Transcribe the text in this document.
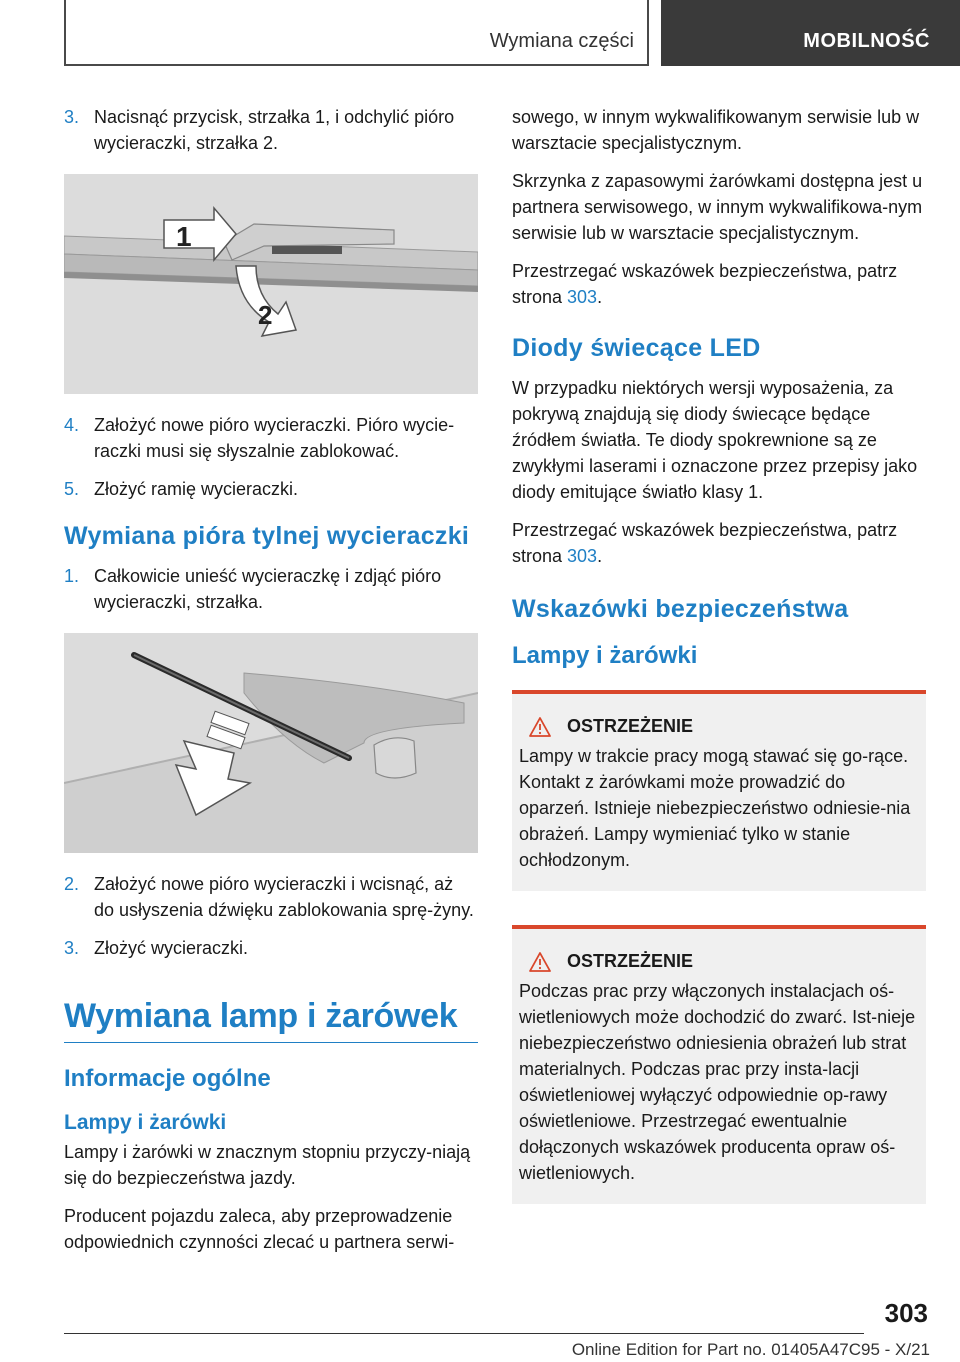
Wymiana części	MOBILNOŚĆ
3. Nacisnąć przycisk, strzałka 1, i odchylić pióro wycieraczki, strzałka 2.
1
2
4. Założyć nowe pióro wycieraczki. Pióro wycie-raczki musi się słyszalnie zablokować.
5. Złożyć ramię wycieraczki.
Wymiana pióra tylnej wycieraczki
1. Całkowicie unieść wycieraczkę i zdjąć pióro wycieraczki, strzałka.
2. Założyć nowe pióro wycieraczki i wcisnąć, aż do usłyszenia dźwięku zablokowania sprę-żyny.
3. Złożyć wycieraczki.
Wymiana lamp i żarówek
Informacje ogólne
Lampy i żarówki

Lampy i żarówki w znacznym stopniu przyczy-niają się do bezpieczeństwa jazdy.

Producent pojazdu zaleca, aby przeprowadzenie odpowiednich czynności zlecać u partnera serwi-

sowego, w innym wykwalifikowanym serwisie lub w warsztacie specjalistycznym.

Skrzynka z zapasowymi żarówkami dostępna jest u partnera serwisowego, w innym wykwalifikowa-nym serwisie lub w warsztacie specjalistycznym.

Przestrzegać wskazówek bezpieczeństwa, patrz strona 303.

Diody świecące LED

W przypadku niektórych wersji wyposażenia, za pokrywą znajdują się diody świecące będące źródłem światła. Te diody spokrewnione są ze zwykłymi laserami i oznaczone przez przepisy jako diody emitujące światło klasy 1.

Przestrzegać wskazówek bezpieczeństwa, patrz strona 303.

Wskazówki bezpieczeństwa
Lampy i żarówki
OSTRZEŻENIE
Lampy w trakcie pracy mogą stawać się go-rące. Kontakt z żarówkami może prowadzić do oparzeń. Istnieje niebezpieczeństwo odniesie-nia obrażeń. Lampy wymieniać tylko w stanie ochłodzonym.
OSTRZEŻENIE
Podczas prac przy włączonych instalacjach oś-wietleniowych może dochodzić do zwarć. Ist-nieje niebezpieczeństwo odniesienia obrażeń lub strat materialnych. Podczas prac przy insta-lacji oświetleniowej wyłączyć odpowiednie op-rawy oświetleniowe. Przestrzegać ewentualnie dołączonych wskazówek producenta opraw oś-wietleniowych.
303
Online Edition for Part no. 01405A47C95 - X/21
